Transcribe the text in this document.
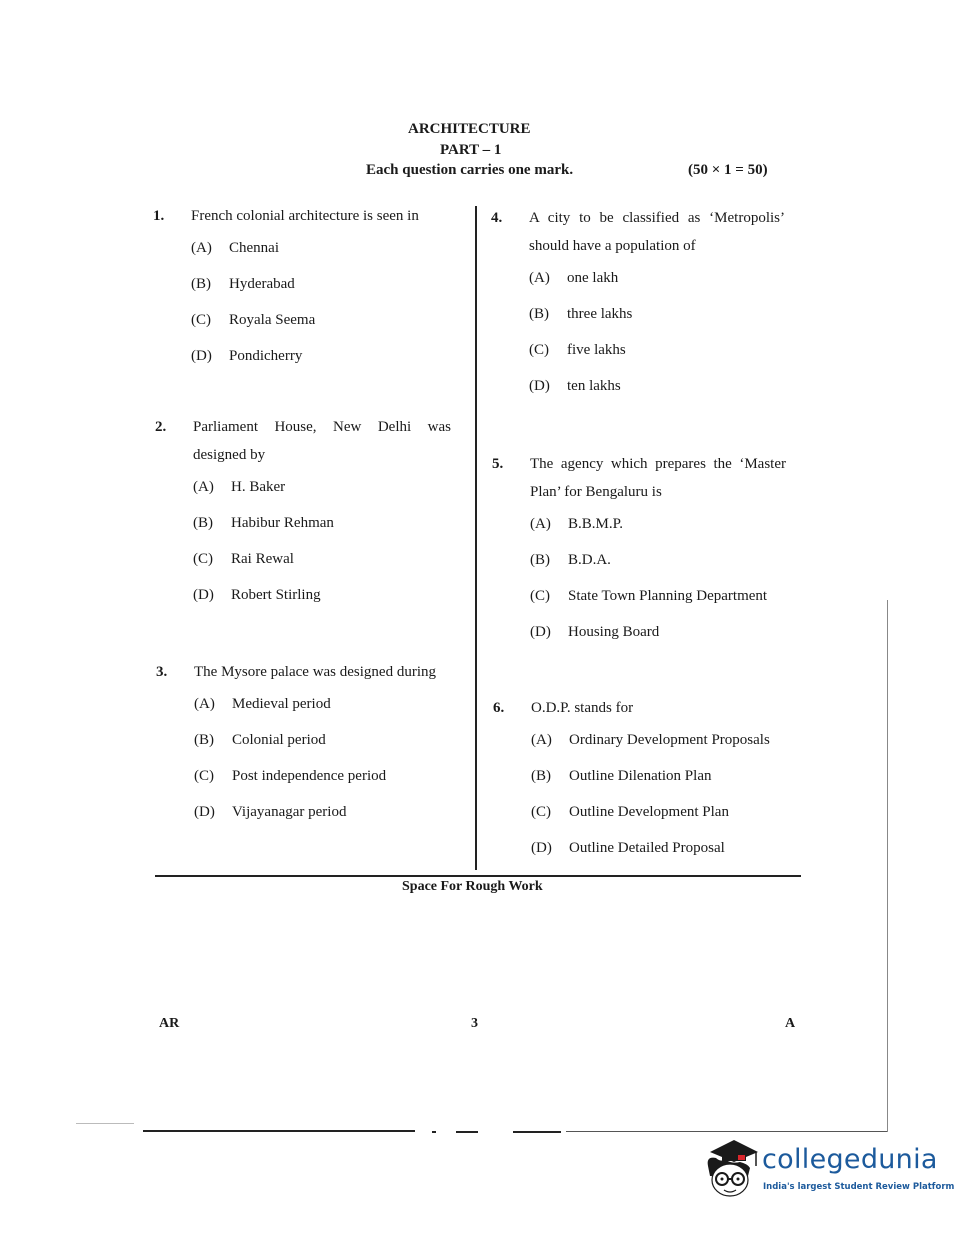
ARCHITECTURE
PART – 1
Each question carries one mark.	(50 × 1 = 50)
1. French colonial architecture is seen in
(A) Chennai
(B) Hyderabad
(C) Royala Seema
(D) Pondicherry
2. Parliament House, New Delhi was designed by
(A) H. Baker
(B) Habibur Rehman
(C) Rai Rewal
(D) Robert Stirling
3. The Mysore palace was designed during
(A) Medieval period
(B) Colonial period
(C) Post independence period
(D) Vijayanagar period
4. A city to be classified as ‘Metropolis’ should have a population of
(A) one lakh
(B) three lakhs
(C) five lakhs
(D) ten lakhs
5. The agency which prepares the ‘Master Plan’ for Bengaluru is
(A) B.B.M.P.
(B) B.D.A.
(C) State Town Planning Department
(D) Housing Board
6. O.D.P. stands for
(A) Ordinary Development Proposals
(B) Outline Dilenation Plan
(C) Outline Development Plan
(D) Outline Detailed Proposal
Space For Rough Work
AR	3	A
collegedunia
India's largest Student Review Platform
